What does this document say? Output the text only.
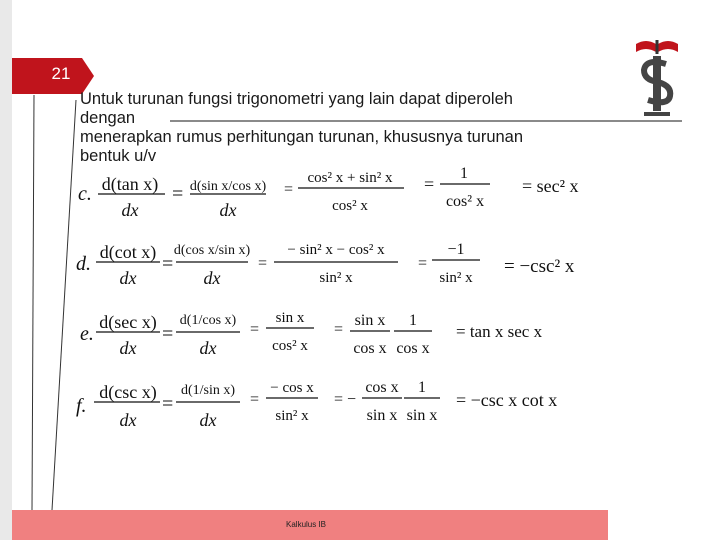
21
Untuk turunan fungsi trigonometri yang lain dapat diperoleh
dengan
menerapkan rumus perhitungan turunan, khususnya turunan
bentuk u/v
c. d(tan x)
dx
= d(sin x/cos x)
dx
=
cos² x + sin² x
cos² x
=
1
cos² x
= sec² x
d.
d(cot x)
dx
=
d(cos x/sin x)
dx
=
− sin² x − cos² x
sin² x
=
−1
sin² x
= −csc² x
e.
d(sec x)
dx
=
d(1/cos x)
dx
=
sin x
cos² x
=
sin x
cos x
1
cos x
= tan x sec x
f.
d(csc x)
dx
=
d(1/sin x)
dx
=
− cos x
sin² x
= −
cos x
sin x
1
sin x
= −csc x cot x
Kalkulus IB
